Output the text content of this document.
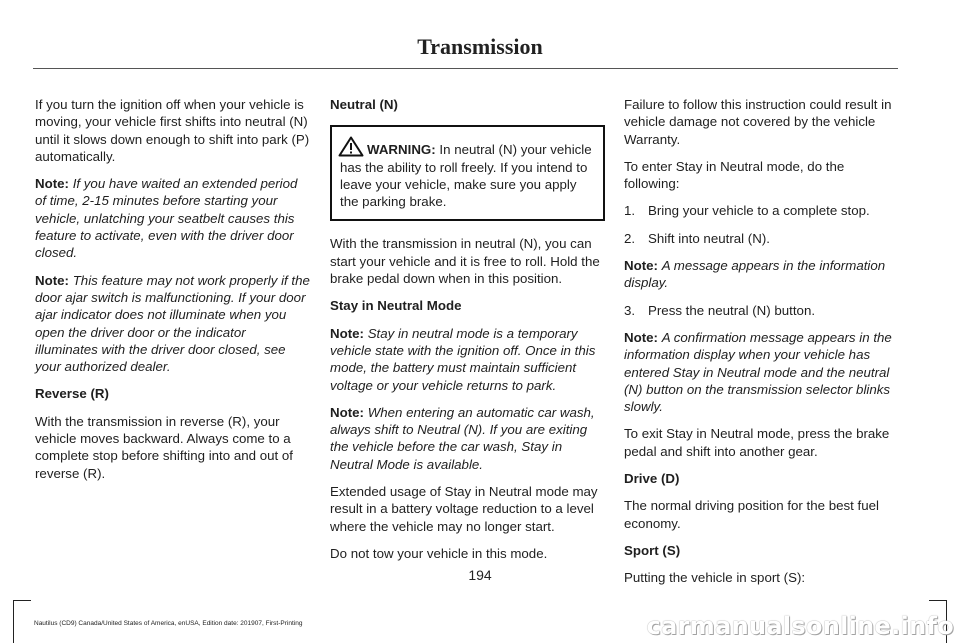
Transmission

If you turn the ignition off when your vehicle is moving, your vehicle first shifts into neutral (N) until it slows down enough to shift into park (P) automatically.

Note: If you have waited an extended period of time, 2-15 minutes before starting your vehicle, unlatching your seatbelt causes this feature to activate, even with the driver door closed.

Note: This feature may not work properly if the door ajar switch is malfunctioning. If your door ajar indicator does not illuminate when you open the driver door or the indicator illuminates with the driver door closed, see your authorized dealer.

Reverse (R)

With the transmission in reverse (R), your vehicle moves backward. Always come to a complete stop before shifting into and out of reverse (R).

Neutral (N)

WARNING: In neutral (N) your vehicle has the ability to roll freely. If you intend to leave your vehicle, make sure you apply the parking brake.

With the transmission in neutral (N), you can start your vehicle and it is free to roll. Hold the brake pedal down when in this position.

Stay in Neutral Mode

Note: Stay in neutral mode is a temporary vehicle state with the ignition off. Once in this mode, the battery must maintain sufficient voltage or your vehicle returns to park.

Note: When entering an automatic car wash, always shift to Neutral (N). If you are exiting the vehicle before the car wash, Stay in Neutral Mode is available.

Extended usage of Stay in Neutral mode may result in a battery voltage reduction to a level where the vehicle may no longer start.

Do not tow your vehicle in this mode.

Failure to follow this instruction could result in vehicle damage not covered by the vehicle Warranty.

To enter Stay in Neutral mode, do the following:

1. Bring your vehicle to a complete stop.
2. Shift into neutral (N).

Note: A message appears in the information display.

3. Press the neutral (N) button.

Note: A confirmation message appears in the information display when your vehicle has entered Stay in Neutral mode and the neutral (N) button on the transmission selector blinks slowly.

To exit Stay in Neutral mode, press the brake pedal and shift into another gear.

Drive (D)

The normal driving position for the best fuel economy.

Sport (S)

Putting the vehicle in sport (S):

194
Nautilus (CD9) Canada/United States of America, enUSA, Edition date: 201907, First-Printing	carmanualsonline.info
